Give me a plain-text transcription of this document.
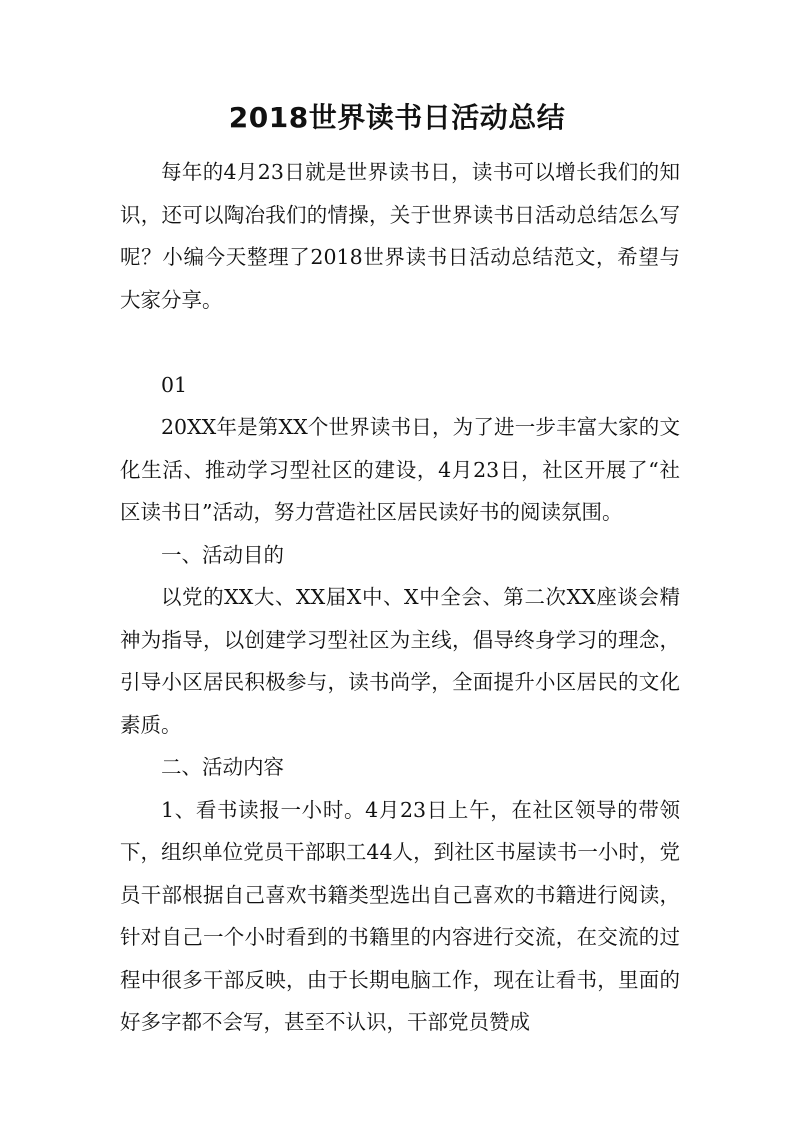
2018世界读书日活动总结

每年的4月23日就是世界读书日，读书可以增长我们的知识，还可以陶冶我们的情操，关于世界读书日活动总结怎么写呢？小编今天整理了2018世界读书日活动总结范文，希望与大家分享。

01

20XX年是第XX个世界读书日，为了进一步丰富大家的文化生活、推动学习型社区的建设，4月23日，社区开展了“社区读书日”活动，努力营造社区居民读好书的阅读氛围。

一、活动目的

以党的XX大、XX届X中、X中全会、第二次XX座谈会精神为指导，以创建学习型社区为主线，倡导终身学习的理念，引导小区居民积极参与，读书尚学，全面提升小区居民的文化素质。

二、活动内容

1、看书读报一小时。4月23日上午，在社区领导的带领下，组织单位党员干部职工44人，到社区书屋读书一小时，党员干部根据自己喜欢书籍类型选出自己喜欢的书籍进行阅读，针对自己一个小时看到的书籍里的内容进行交流，在交流的过程中很多干部反映，由于长期电脑工作，现在让看书，里面的好多字都不会写，甚至不认识，干部党员赞成
